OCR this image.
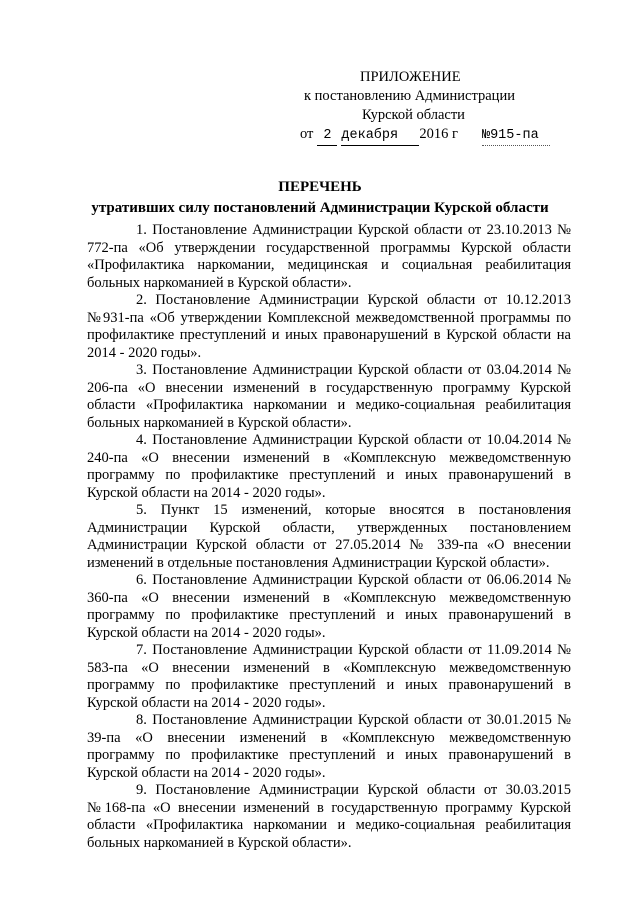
ПРИЛОЖЕНИЕ
к постановлению Администрации
Курской области
от 2 декабря	2016 г №915-па
ПЕРЕЧЕНЬ
утративших силу постановлений Администрации Курской области

1. Постановление Администрации Курской области от 23.10.2013 № 772-па «Об утверждении государственной программы Курской области «Профилактика наркомании, медицинская и социальная реабилитация больных наркоманией в Курской области».

2. Постановление Администрации Курской области от 10.12.2013 №931-па «Об утверждении Комплексной межведомственной программы по профилактике преступлений и иных правонарушений в Курской области на 2014 - 2020 годы».

3. Постановление Администрации Курской области от 03.04.2014 № 206-па «О внесении изменений в государственную программу Курской области «Профилактика наркомании и медико-социальная реабилитация больных наркоманией в Курской области».

4. Постановление Администрации Курской области от 10.04.2014 № 240-па «О внесении изменений в «Комплексную межведомственную программу по профилактике преступлений и иных правонарушений в Курской области на 2014 - 2020 годы».

5. Пункт 15 изменений, которые вносятся в постановления Администрации Курской области, утвержденных постановлением Администрации Курской области от 27.05.2014 № 339-па «О внесении изменений в отдельные постановления Администрации Курской области».

6. Постановление Администрации Курской области от 06.06.2014 № 360-па «О внесении изменений в «Комплексную межведомственную программу по профилактике преступлений и иных правонарушений в Курской области на 2014 - 2020 годы».

7. Постановление Администрации Курской области от 11.09.2014 № 583-па «О внесении изменений в «Комплексную межведомственную программу по профилактике преступлений и иных правонарушений в Курской области на 2014 - 2020 годы».

8. Постановление Администрации Курской области от 30.01.2015 № 39-па «О внесении изменений в «Комплексную межведомственную программу по профилактике преступлений и иных правонарушений в Курской области на 2014 - 2020 годы».

9. Постановление Администрации Курской области от 30.03.2015 №168-па «О внесении изменений в государственную программу Курской области «Профилактика наркомании и медико-социальная реабилитация больных наркоманией в Курской области».
